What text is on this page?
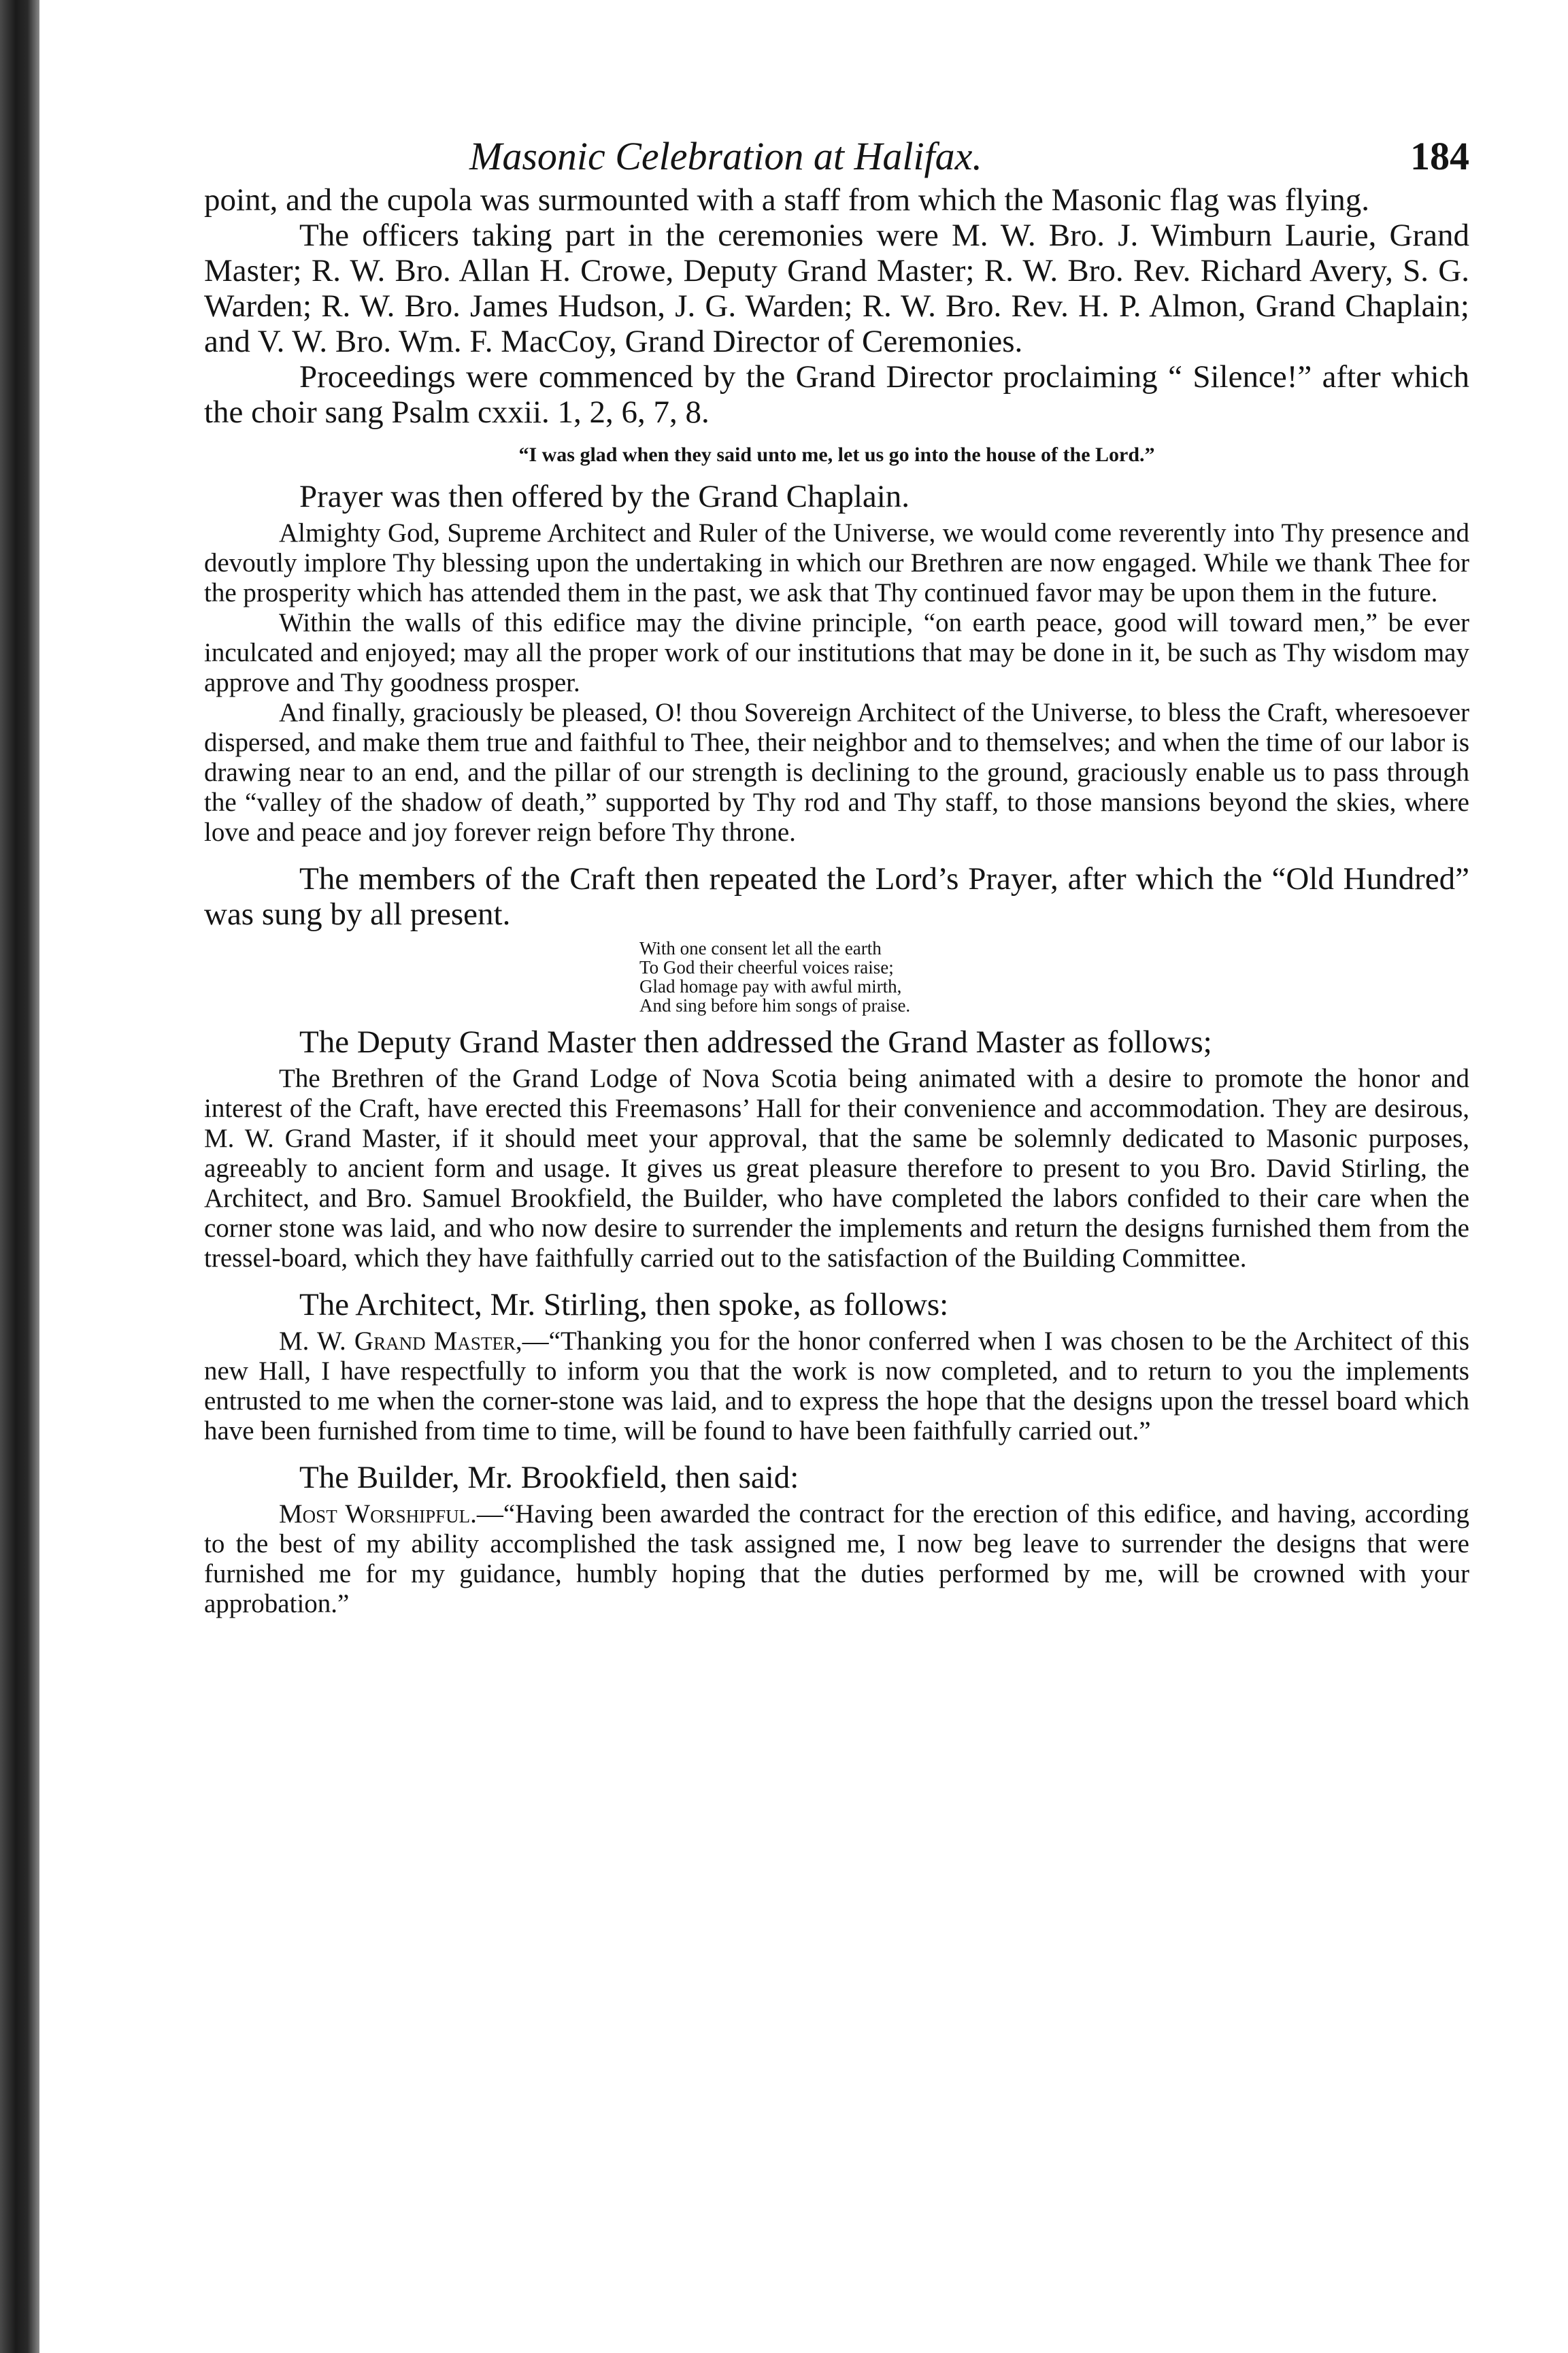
Masonic Celebration at Halifax.	184

point, and the cupola was surmounted with a staff from which the Masonic flag was flying.

The officers taking part in the ceremonies were M. W. Bro. J. Wimburn Laurie, Grand Master; R. W. Bro. Allan H. Crowe, Deputy Grand Master; R. W. Bro. Rev. Richard Avery, S. G. Warden; R. W. Bro. James Hudson, J. G. Warden; R. W. Bro. Rev. H. P. Almon, Grand Chaplain; and V. W. Bro. Wm. F. MacCoy, Grand Director of Ceremonies.

Proceedings were commenced by the Grand Director proclaiming “ Silence!” after which the choir sang Psalm cxxii. 1, 2, 6, 7, 8.

“I was glad when they said unto me, let us go into the house of the Lord.”

Prayer was then offered by the Grand Chaplain.

Almighty God, Supreme Architect and Ruler of the Universe, we would come reverently into Thy presence and devoutly implore Thy blessing upon the undertaking in which our Brethren are now engaged. While we thank Thee for the prosperity which has attended them in the past, we ask that Thy continued favor may be upon them in the future.

Within the walls of this edifice may the divine principle, “on earth peace, good will toward men,” be ever inculcated and enjoyed; may all the proper work of our institutions that may be done in it, be such as Thy wisdom may approve and Thy goodness prosper.

And finally, graciously be pleased, O! thou Sovereign Architect of the Universe, to bless the Craft, wheresoever dispersed, and make them true and faithful to Thee, their neighbor and to themselves; and when the time of our labor is drawing near to an end, and the pillar of our strength is declining to the ground, graciously enable us to pass through the “valley of the shadow of death,” supported by Thy rod and Thy staff, to those mansions beyond the skies, where love and peace and joy forever reign before Thy throne.

The members of the Craft then repeated the Lord’s Prayer, after which the “Old Hundred” was sung by all present.

With one consent let all the earth
To God their cheerful voices raise;
Glad homage pay with awful mirth,
And sing before him songs of praise.

The Deputy Grand Master then addressed the Grand Master as follows;

The Brethren of the Grand Lodge of Nova Scotia being animated with a desire to promote the honor and interest of the Craft, have erected this Freemasons’ Hall for their convenience and accommodation. They are desirous, M. W. Grand Master, if it should meet your approval, that the same be solemnly dedicated to Masonic purposes, agreeably to ancient form and usage. It gives us great pleasure therefore to present to you Bro. David Stirling, the Architect, and Bro. Samuel Brookfield, the Builder, who have completed the labors confided to their care when the corner stone was laid, and who now desire to surrender the implements and return the designs furnished them from the tressel-board, which they have faithfully carried out to the satisfaction of the Building Committee.

The Architect, Mr. Stirling, then spoke, as follows:

M. W. Grand Master,—“Thanking you for the honor conferred when I was chosen to be the Architect of this new Hall, I have respectfully to inform you that the work is now completed, and to return to you the implements entrusted to me when the corner-stone was laid, and to express the hope that the designs upon the tressel board which have been furnished from time to time, will be found to have been faithfully carried out.”

The Builder, Mr. Brookfield, then said:

Most Worshipful.—“Having been awarded the contract for the erection of this edifice, and having, according to the best of my ability accomplished the task assigned me, I now beg leave to surrender the designs that were furnished me for my guidance, humbly hoping that the duties performed by me, will be crowned with your approbation.”
